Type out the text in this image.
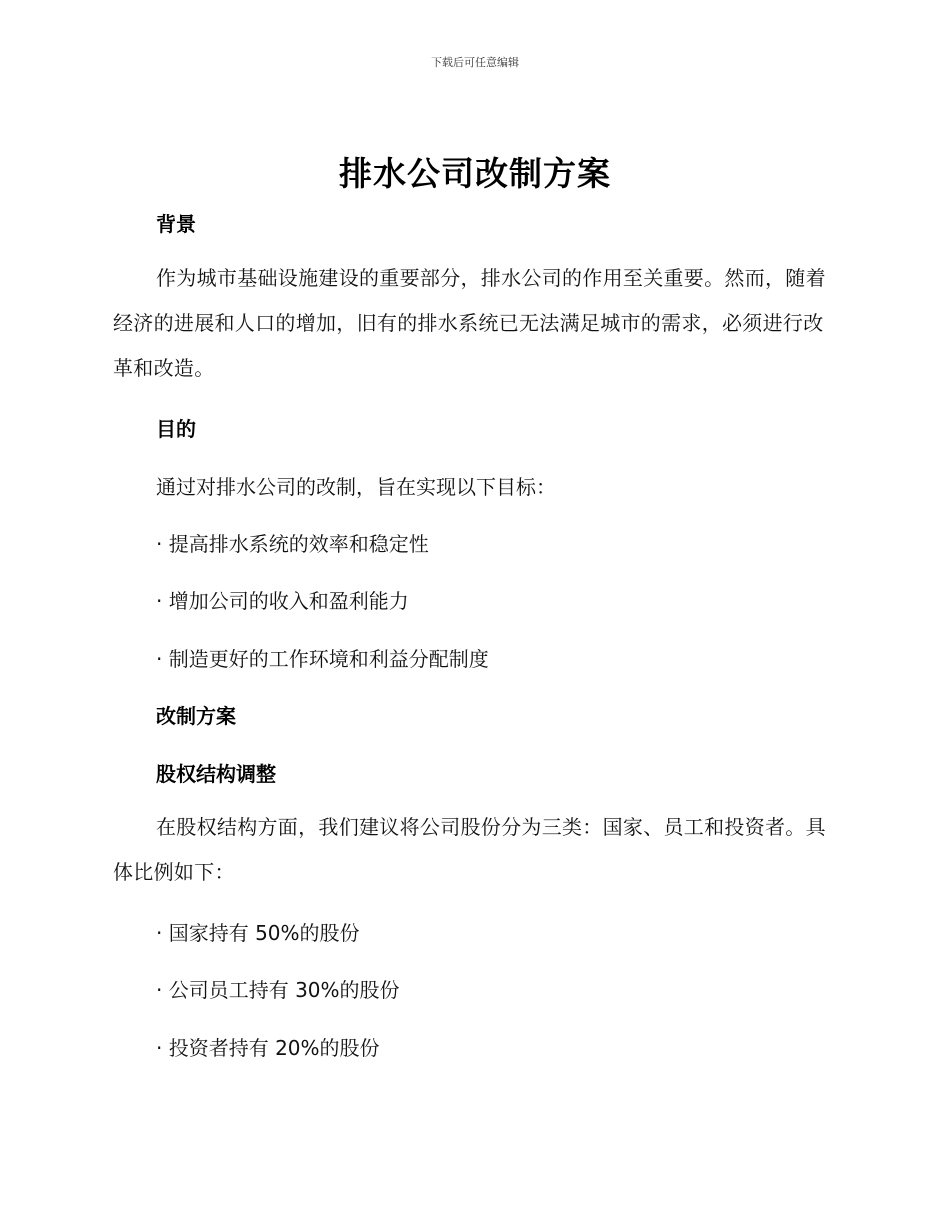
下载后可任意编辑
排水公司改制方案
背景

作为城市基础设施建设的重要部分，排水公司的作用至关重要。然而，随着经济的进展和人口的增加，旧有的排水系统已无法满足城市的需求，必须进行改革和改造。

目的
通过对排水公司的改制，旨在实现以下目标：
· 提高排水系统的效率和稳定性
· 增加公司的收入和盈利能力
· 制造更好的工作环境和利益分配制度
改制方案
股权结构调整

在股权结构方面，我们建议将公司股份分为三类：国家、员工和投资者。具体比例如下：

· 国家持有 50%的股份
· 公司员工持有 30%的股份
· 投资者持有 20%的股份
